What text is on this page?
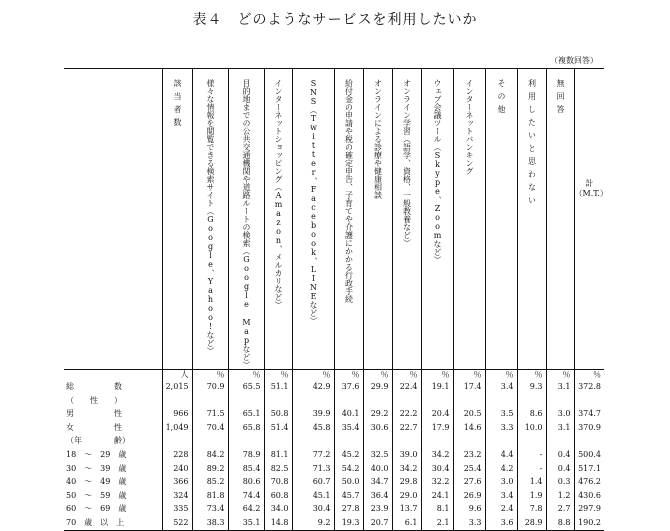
表４　どのようなサービスを利用したいか
（複数回答）

	該当者数	様々な情報を閲覧できる検索サイト（Google、Yahoo!など）	目的地までの公共交通機関や道路ルートの検索（Google Mapなど）	インターネットショッピング（Amazon、メルカリなど）	SNS（Twitter、Facebook、LINEなど）	給付金の申請や税の確定申告、子育てや介護にかかる行政手続	オンラインによる診療や健康相談	オンライン学習（語学、資格、一般教養など）	ウェブ会議ツール（Skype、Zoomなど）	インターネットバンキング	その他	利用したいと思わない	無回答	計（M.T.）

	人	％	％	％	％	％	％	％	％	％	％	％	％	％
総　　　　　数	2,015	70.9	65.5	51.1	42.9	37.6	29.9	22.4	19.1	17.4	3.4	9.3	3.1	372.8
（　　性　　）														
男　　　　　性	966	71.5	65.1	50.8	39.9	40.1	29.2	22.2	20.4	20.5	3.5	8.6	3.0	374.7
女　　　　　性	1,049	70.4	65.8	51.4	45.8	35.4	30.6	22.7	17.9	14.6	3.3	10.0	3.1	370.9
（年　　　　齢）														
18　～　29　歳	228	84.2	78.9	81.1	77.2	45.2	32.5	39.0	34.2	23.2	4.4	-	0.4	500.4
30　～　39　歳	240	89.2	85.4	82.5	71.3	54.2	40.0	34.2	30.4	25.4	4.2	-	0.4	517.1
40　～　49　歳	366	85.2	80.6	70.8	60.7	50.0	34.7	29.8	32.2	27.6	3.0	1.4	0.3	476.2
50　～　59　歳	324	81.8	74.4	60.8	45.1	45.7	36.4	29.0	24.1	26.9	3.4	1.9	1.2	430.6
60　～　69　歳	335	73.4	64.2	34.0	30.4	27.8	23.9	13.7	8.1	9.6	2.4	7.8	2.7	297.9
70　歳　以　上	522	38.3	35.1	14.8	9.2	19.3	20.7	6.1	2.1	3.3	3.6	28.9	8.8	190.2
